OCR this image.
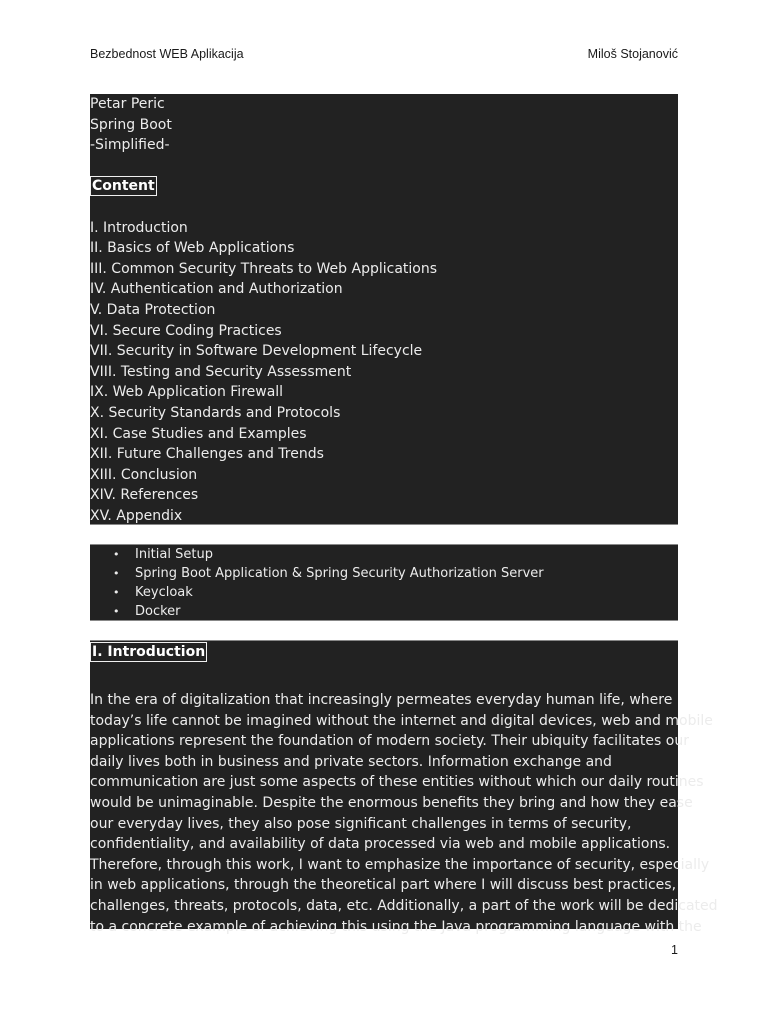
Bezbednost WEB Aplikacija	Miloš Stojanović
Petar Peric
Spring Boot
-Simplified-
Content
I. Introduction
II. Basics of Web Applications
III. Common Security Threats to Web Applications
IV. Authentication and Authorization
V. Data Protection
VI. Secure Coding Practices
VII. Security in Software Development Lifecycle
VIII. Testing and Security Assessment
IX. Web Application Firewall
X. Security Standards and Protocols
XI. Case Studies and Examples
XII. Future Challenges and Trends
XIII. Conclusion
XIV. References
XV. Appendix
• Initial Setup
• Spring Boot Application & Spring Security Authorization Server
• Keycloak
• Docker
I. Introduction
In the era of digitalization that increasingly permeates everyday human life, where
today’s life cannot be imagined without the internet and digital devices, web and mobile
applications represent the foundation of modern society. Their ubiquity facilitates our
daily lives both in business and private sectors. Information exchange and
communication are just some aspects of these entities without which our daily routines
would be unimaginable. Despite the enormous benefits they bring and how they ease
our everyday lives, they also pose significant challenges in terms of security,
confidentiality, and availability of data processed via web and mobile applications.
Therefore, through this work, I want to emphasize the importance of security, especially
in web applications, through the theoretical part where I will discuss best practices,
challenges, threats, protocols, data, etc. Additionally, a part of the work will be dedicated
to a concrete example of achieving this using the Java programming language with the
1
